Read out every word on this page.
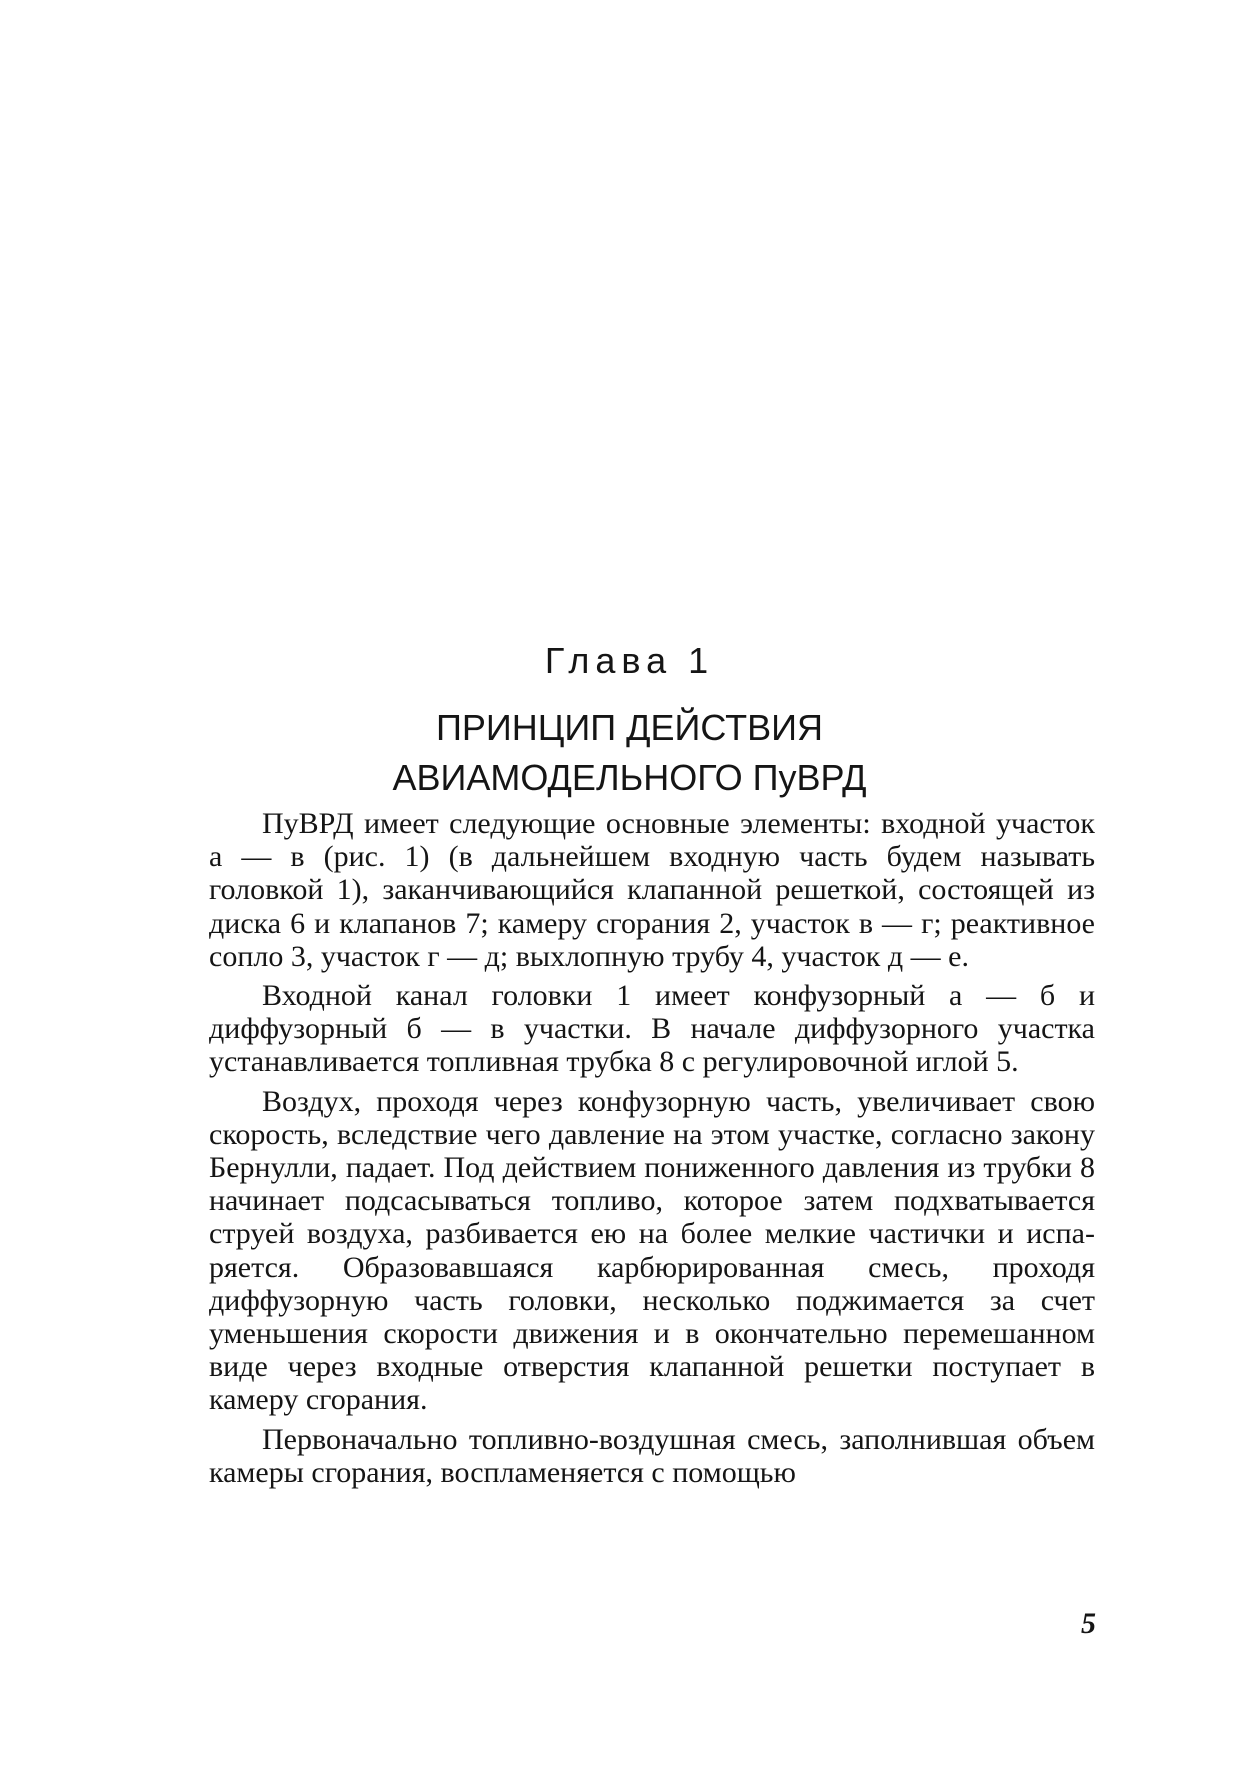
Глава 1
ПРИНЦИП ДЕЙСТВИЯ
АВИАМОДЕЛЬНОГО ПуВРД

ПуВРД имеет следующие основные элементы: входной участок а — в (рис. 1) (в дальнейшем входную часть будем называть головкой 1), заканчивающийся клапанной решеткой, состоящей из диска 6 и клапанов 7; камеру сгорания 2, участок в — г; реактивное сопло 3, участок г — д; выхлопную трубу 4, участок д — е.

Входной канал головки 1 имеет конфузорный а — б и диффузорный б — в участки. В начале диффузорного участка устанавливается топливная трубка 8 с регулировочной иглой 5.

Воздух, проходя через конфузорную часть, увеличивает свою скорость, вследствие чего давление на этом участке, согласно закону Бернулли, падает. Под действием пониженного давления из трубки 8 начинает подсасываться топливо, которое затем подхватывается струей воздуха, разбивается ею на более мелкие частички и испаряется. Образовавшаяся карбюрированная смесь, проходя диффузорную часть головки, несколько поджимается за счет уменьшения скорости движения и в окончательно перемешанном виде через входные отверстия клапанной решетки поступает в камеру сгорания.

Первоначально топливно-воздушная смесь, заполнившая объем камеры сгорания, воспламеняется с помощью

5
